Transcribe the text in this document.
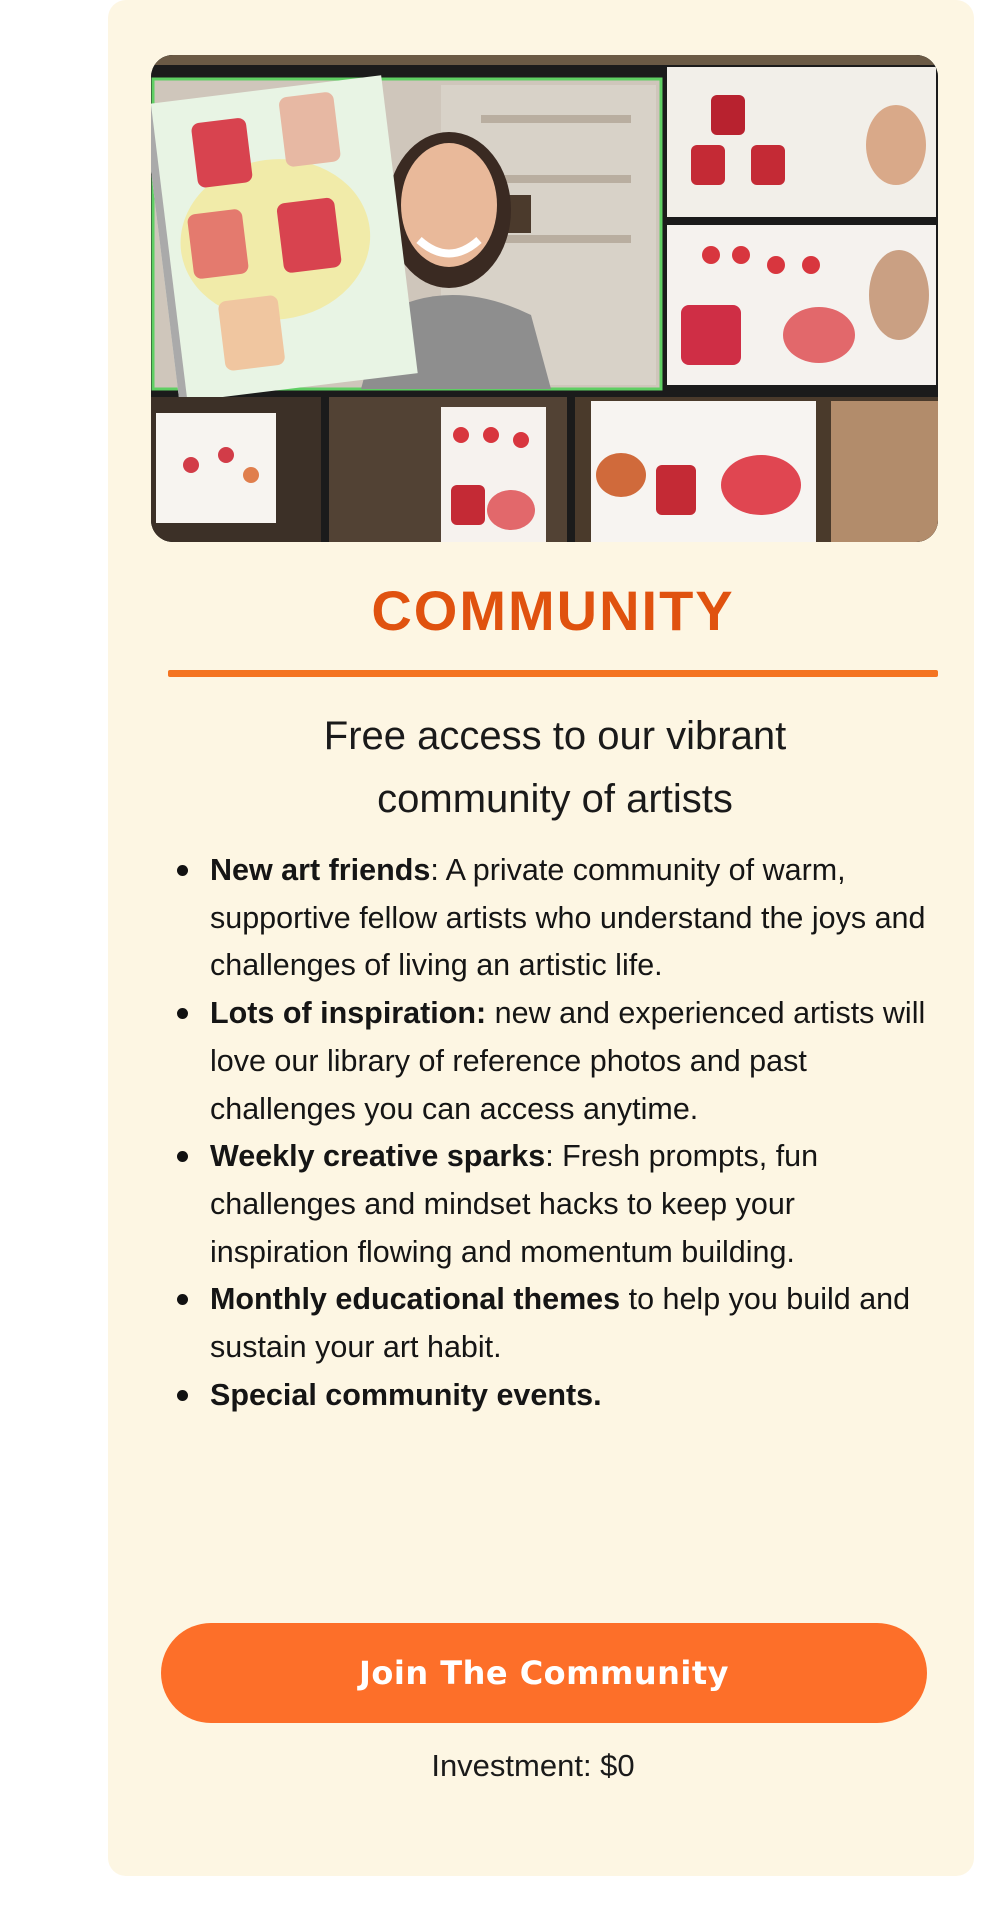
COMMUNITY

Free access to our vibrant
community of artists

New art friends: A private community of warm, supportive fellow artists who understand the joys and challenges of living an artistic life.
Lots of inspiration: new and experienced artists will love our library of reference photos and past challenges you can access anytime.
Weekly creative sparks: Fresh prompts, fun challenges and mindset hacks to keep your inspiration flowing and momentum building.
Monthly educational themes to help you build and sustain your art habit.
Special community events.
Join The Community

Investment: $0
